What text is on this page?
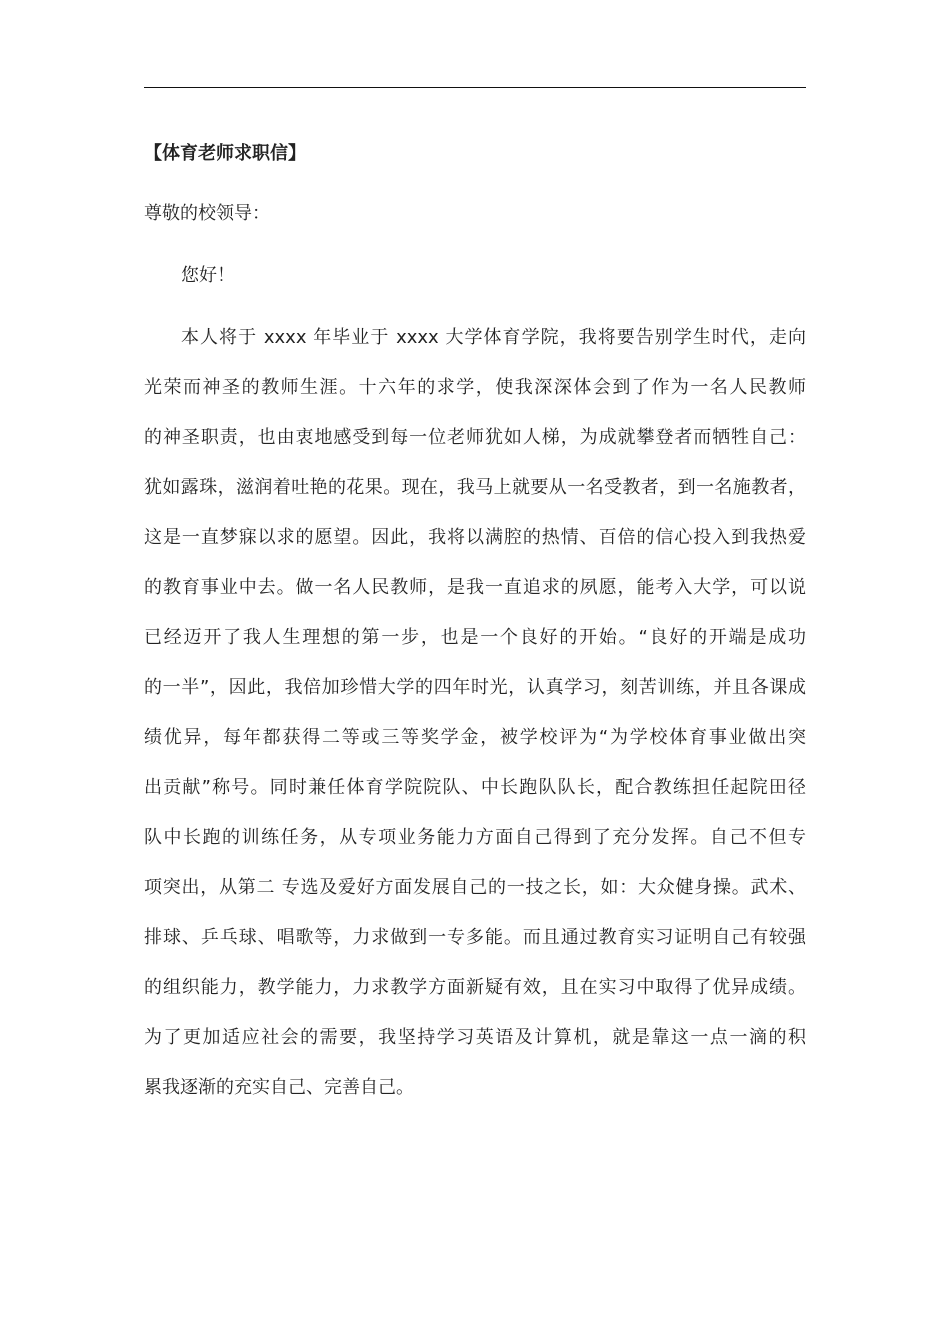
【体育老师求职信】

尊敬的校领导：

您好！

本人将于 xxxx 年毕业于 xxxx 大学体育学院，我将要告别学生时代，走向
光荣而神圣的教师生涯。十六年的求学，使我深深体会到了作为一名人民教师
的神圣职责，也由衷地感受到每一位老师犹如人梯，为成就攀登者而牺牲自己：
犹如露珠，滋润着吐艳的花果。现在，我马上就要从一名受教者，到一名施教者，
这是一直梦寐以求的愿望。因此，我将以满腔的热情、百倍的信心投入到我热爱
的教育事业中去。做一名人民教师，是我一直追求的夙愿，能考入大学，可以说
已经迈开了我人生理想的第一步，也是一个良好的开始。“良好的开端是成功
的一半”，因此，我倍加珍惜大学的四年时光，认真学习，刻苦训练，并且各课成
绩优异，每年都获得二等或三等奖学金，被学校评为“为学校体育事业做出突
出贡献”称号。同时兼任体育学院院队、中长跑队队长，配合教练担任起院田径
队中长跑的训练任务，从专项业务能力方面自己得到了充分发挥。自己不但专
项突出，从第二 专选及爱好方面发展自己的一技之长，如：大众健身操。武术、
排球、乒乓球、唱歌等，力求做到一专多能。而且通过教育实习证明自己有较强
的组织能力，教学能力，力求教学方面新疑有效，且在实习中取得了优异成绩。
为了更加适应社会的需要，我坚持学习英语及计算机，就是靠这一点一滴的积
累我逐渐的充实自己、完善自己。
